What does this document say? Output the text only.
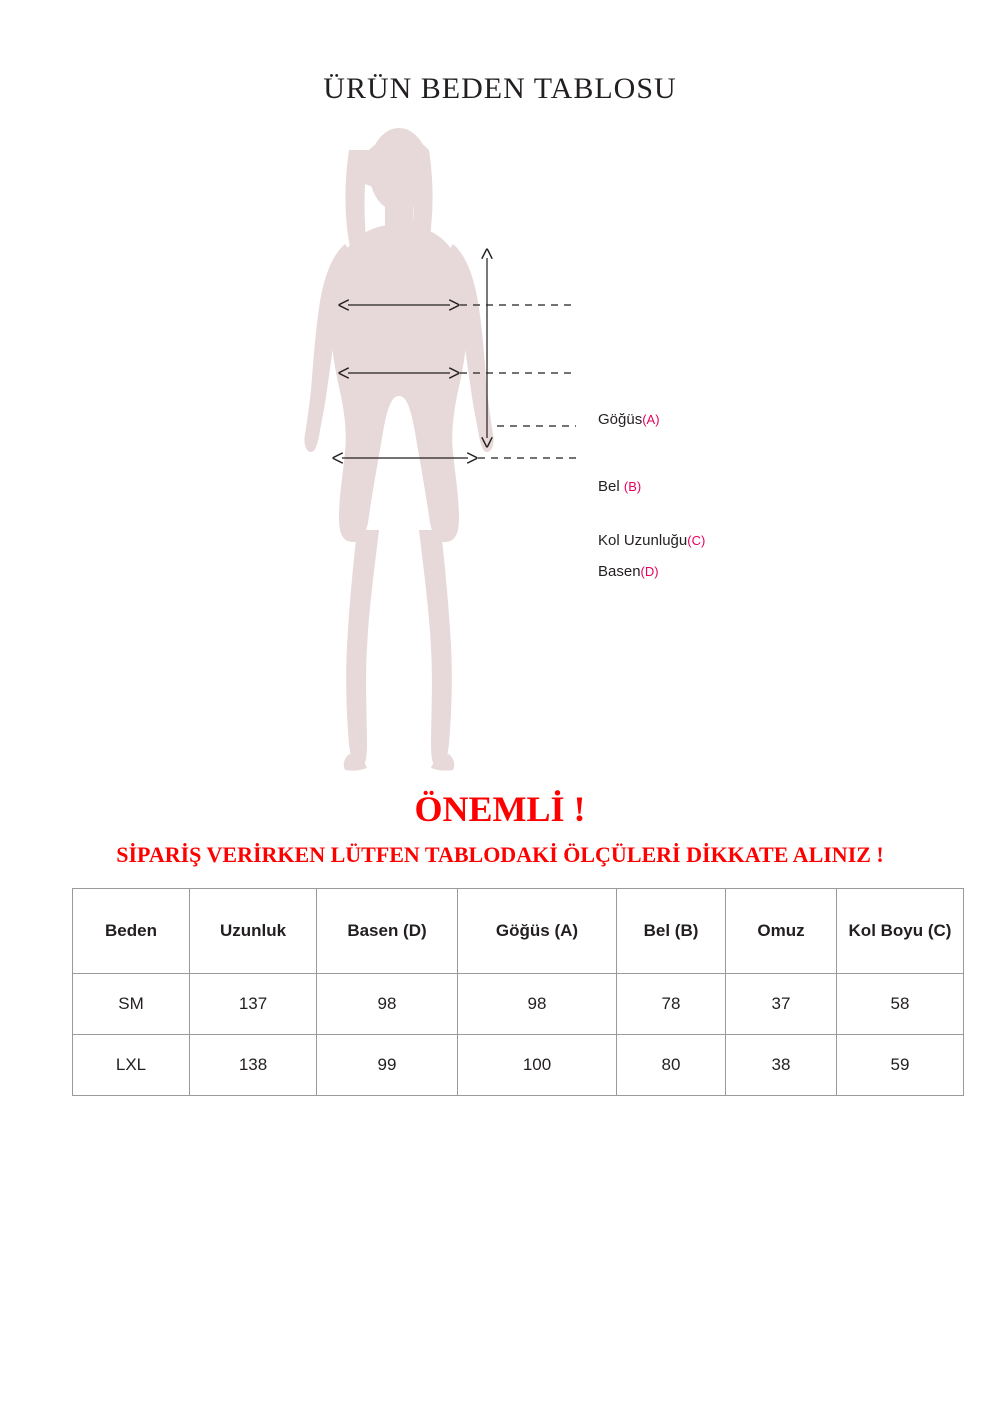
ÜRÜN BEDEN TABLOSU
Göğüs(A)
Bel (B)
Kol Uzunluğu(C)
Basen(D)
ÖNEMLİ !
SİPARİŞ VERİRKEN LÜTFEN TABLODAKİ ÖLÇÜLERİ DİKKATE ALINIZ !
Beden	Uzunluk	Basen (D)	Göğüs (A)	Bel (B)	Omuz	Kol Boyu (C)
SM	137	98	98	78	37	58
LXL	138	99	100	80	38	59
